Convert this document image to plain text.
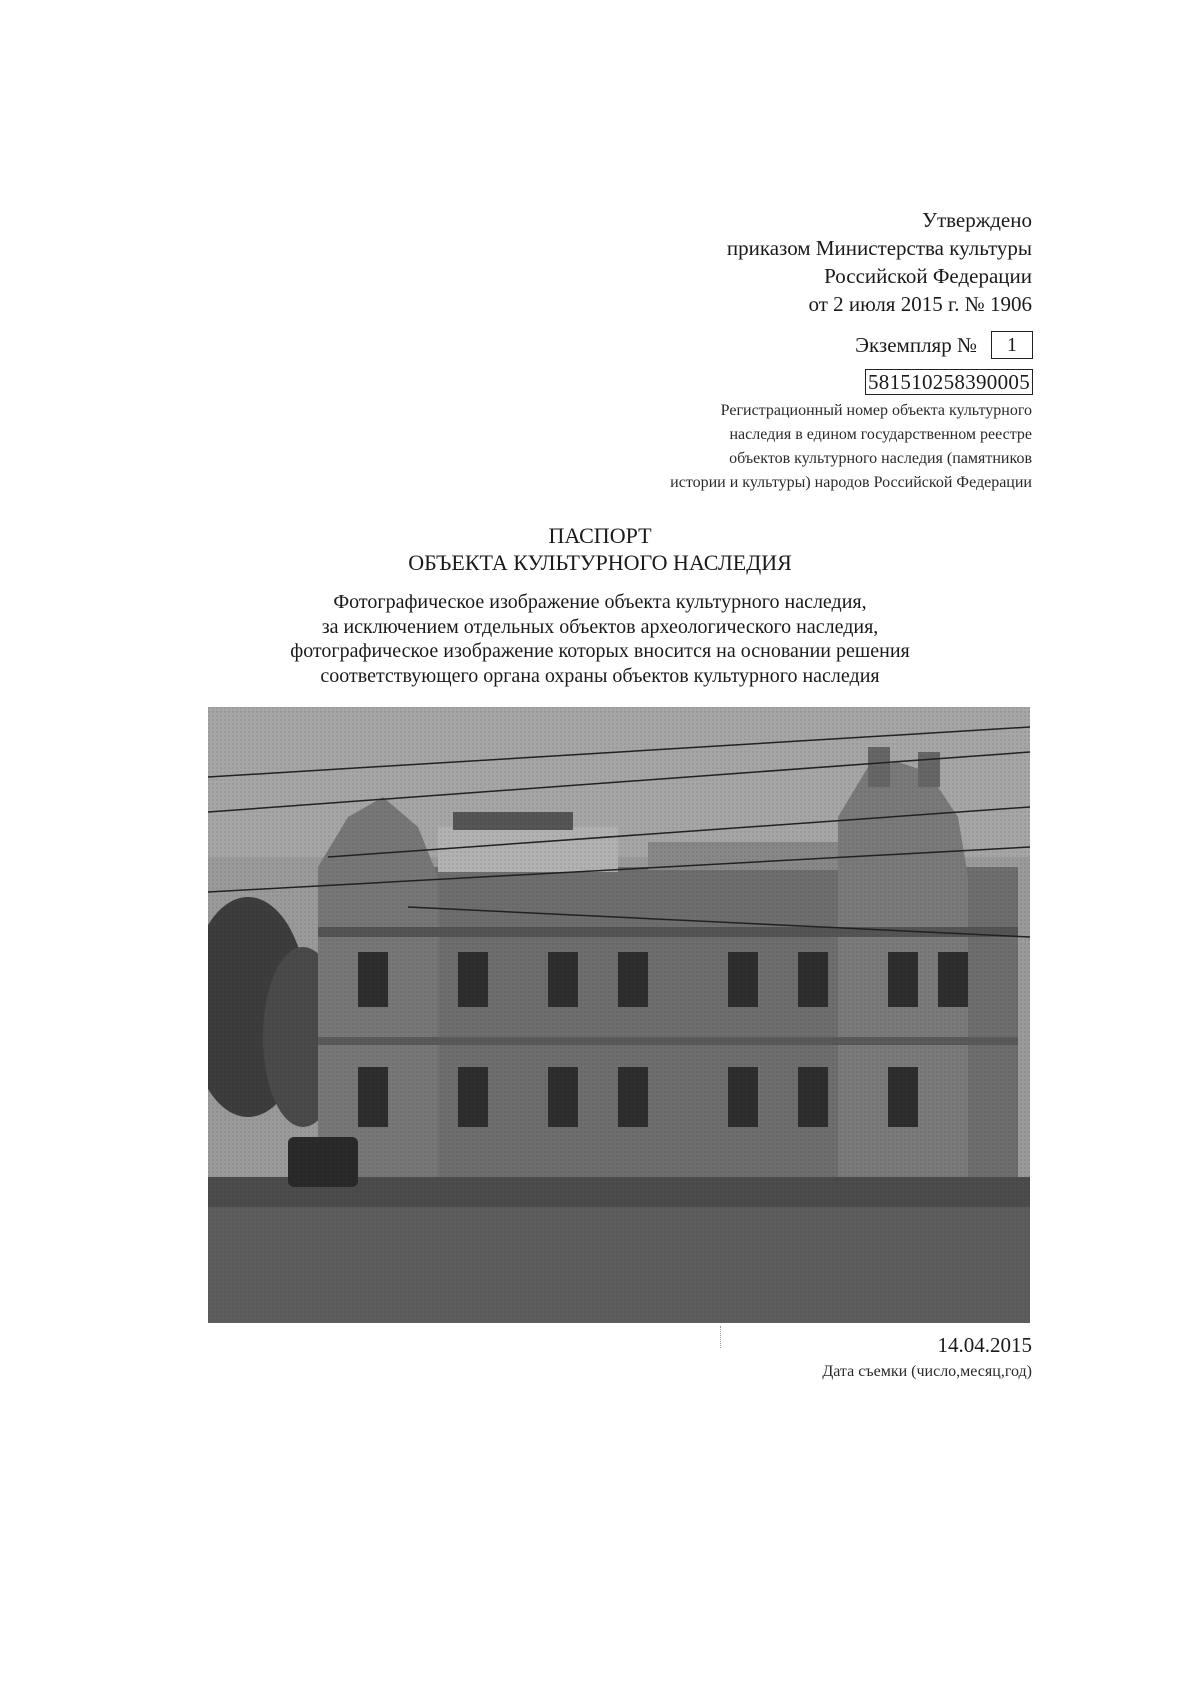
Утверждено
приказом Министерства культуры
Российской Федерации
от 2 июля 2015 г. № 1906
Экземпляр №	1
581510258390005
Регистрационный номер объекта культурного
наследия в едином государственном реестре
объектов культурного наследия (памятников
истории и культуры) народов Российской Федерации
ПАСПОРТ
ОБЪЕКТА КУЛЬТУРНОГО НАСЛЕДИЯ
Фотографическое изображение объекта культурного наследия,
за исключением отдельных объектов археологического наследия,
фотографическое изображение которых вносится на основании решения
соответствующего органа охраны объектов культурного наследия
14.04.2015
Дата съемки (число,месяц,год)
